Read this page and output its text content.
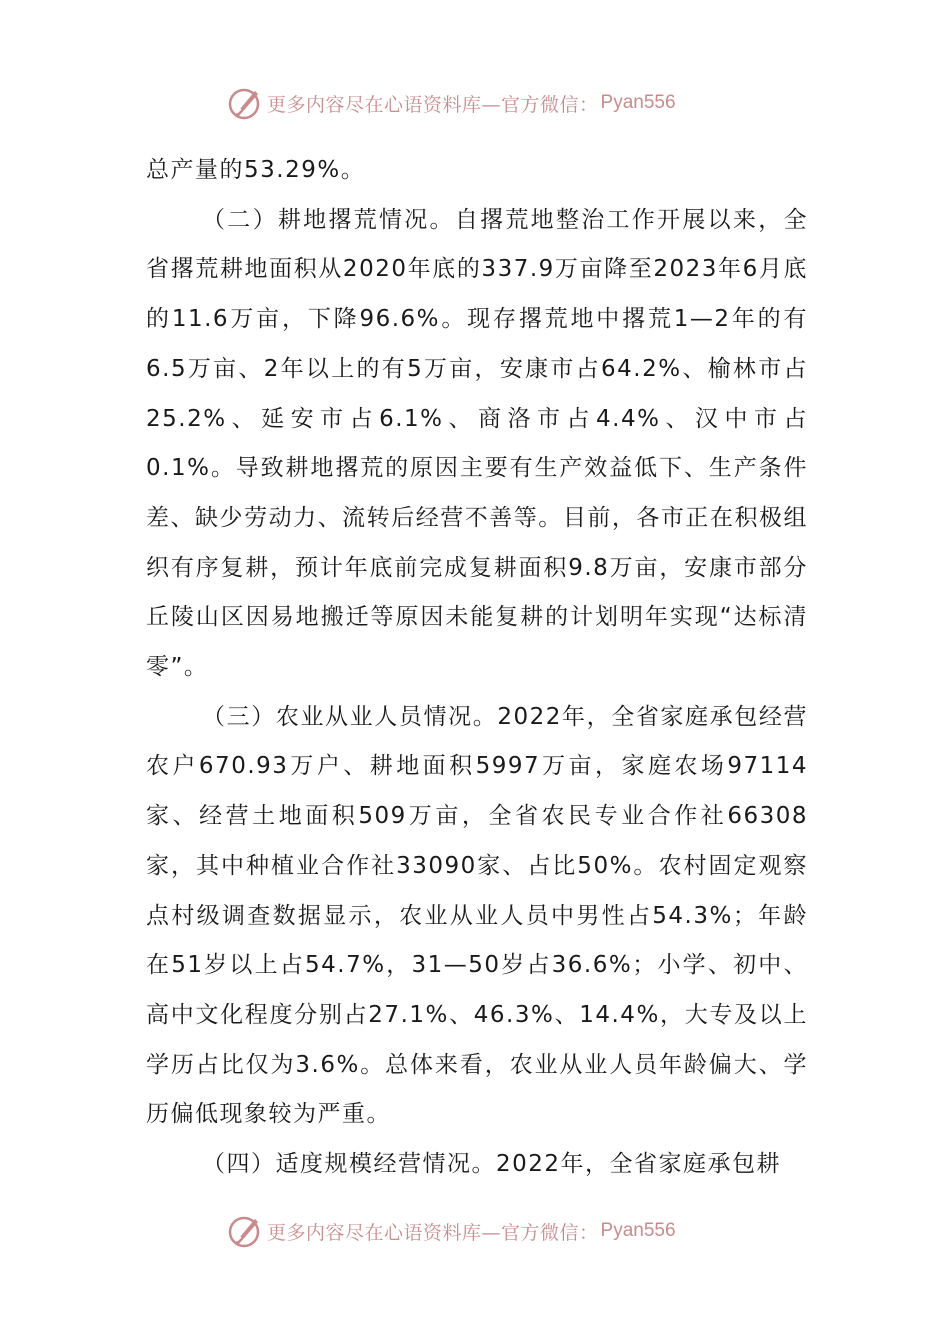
更多内容尽在心语资料库—官方微信： Pyan556

总产量的53.29%。

（二）耕地撂荒情况。自撂荒地整治工作开展以来，全省撂荒耕地面积从2020年底的337.9万亩降至2023年6月底的11.6万亩，下降96.6%。现存撂荒地中撂荒1—2年的有6.5万亩、2年以上的有5万亩，安康市占64.2%、榆林市占25.2%、延安市占6.1%、商洛市占4.4%、汉中市占0.1%。导致耕地撂荒的原因主要有生产效益低下、生产条件差、缺少劳动力、流转后经营不善等。目前，各市正在积极组织有序复耕，预计年底前完成复耕面积9.8万亩，安康市部分丘陵山区因易地搬迁等原因未能复耕的计划明年实现“达标清零”。

（三）农业从业人员情况。2022年，全省家庭承包经营农户670.93万户、耕地面积5997万亩，家庭农场97114家、经营土地面积509万亩，全省农民专业合作社66308家，其中种植业合作社33090家、占比50%。农村固定观察点村级调查数据显示，农业从业人员中男性占54.3%；年龄在51岁以上占54.7%，31—50岁占36.6%；小学、初中、高中文化程度分别占27.1%、46.3%、14.4%，大专及以上学历占比仅为3.6%。总体来看，农业从业人员年龄偏大、学历偏低现象较为严重。

（四）适度规模经营情况。2022年，全省家庭承包耕

更多内容尽在心语资料库—官方微信： Pyan556
